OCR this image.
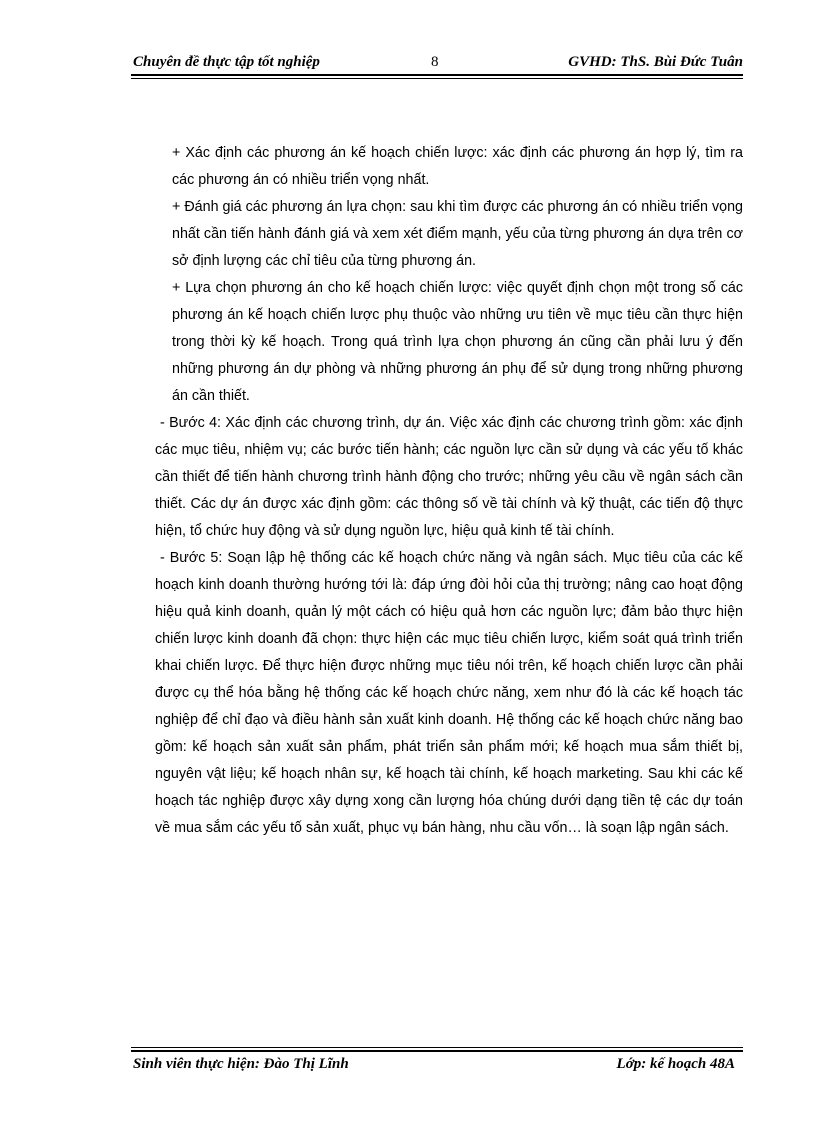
Chuyên đề thực tập tốt nghiệp	8	GVHD: ThS. Bùi Đức Tuân

+ Xác định các phương án kế hoạch chiến lược: xác định các phương án hợp lý, tìm ra các phương án có nhiều triển vọng nhất.

+ Đánh giá các phương án lựa chọn: sau khi tìm được các phương án có nhiều triển vọng nhất cần tiến hành đánh giá và xem xét điểm mạnh, yếu của từng phương án dựa trên cơ sở định lượng các chỉ tiêu của từng phương án.

+ Lựa chọn phương án cho kế hoạch chiến lược: việc quyết định chọn một trong số các phương án kế hoạch chiến lược phụ thuộc vào những ưu tiên về mục tiêu cần thực hiện trong thời kỳ kế hoạch. Trong quá trình lựa chọn phương án cũng cần phải lưu ý đến những phương án dự phòng và những phương án phụ để sử dụng trong những phương án cần thiết.

- Bước 4: Xác định các chương trình, dự án. Việc xác định các chương trình gồm: xác định các mục tiêu, nhiệm vụ; các bước tiến hành; các nguồn lực cần sử dụng và các yếu tố khác cần thiết để tiến hành chương trình hành động cho trước; những yêu cầu về ngân sách cần thiết. Các dự án được xác định gồm: các thông số về tài chính và kỹ thuật, các tiến độ thực hiện, tổ chức huy động và sử dụng nguồn lực, hiệu quả kinh tế tài chính.

- Bước 5: Soạn lập hệ thống các kế hoạch chức năng và ngân sách. Mục tiêu của các kế hoạch kinh doanh thường hướng tới là: đáp ứng đòi hỏi của thị trường; nâng cao hoạt động hiệu quả kinh doanh, quản lý một cách có hiệu quả hơn các nguồn lực; đảm bảo thực hiện chiến lược kinh doanh đã chọn: thực hiện các mục tiêu chiến lược, kiểm soát quá trình triển khai chiến lược. Để thực hiện được những mục tiêu nói trên, kế hoạch chiến lược cần phải được cụ thể hóa bằng hệ thống các kế hoạch chức năng, xem như đó là các kế hoạch tác nghiệp để chỉ đạo và điều hành sản xuất kinh doanh. Hệ thống các kế hoạch chức năng bao gồm: kế hoạch sản xuất sản phẩm, phát triển sản phẩm mới; kế hoạch mua sắm thiết bị, nguyên vật liệu; kế hoạch nhân sự, kế hoạch tài chính, kế hoạch marketing. Sau khi các kế hoạch tác nghiệp được xây dựng xong cần lượng hóa chúng dưới dạng tiền tệ các dự toán về mua sắm các yếu tố sản xuất, phục vụ bán hàng, nhu cầu vốn… là soạn lập ngân sách.

Sinh viên thực hiện: Đào Thị Lĩnh	Lớp: kế hoạch 48A
